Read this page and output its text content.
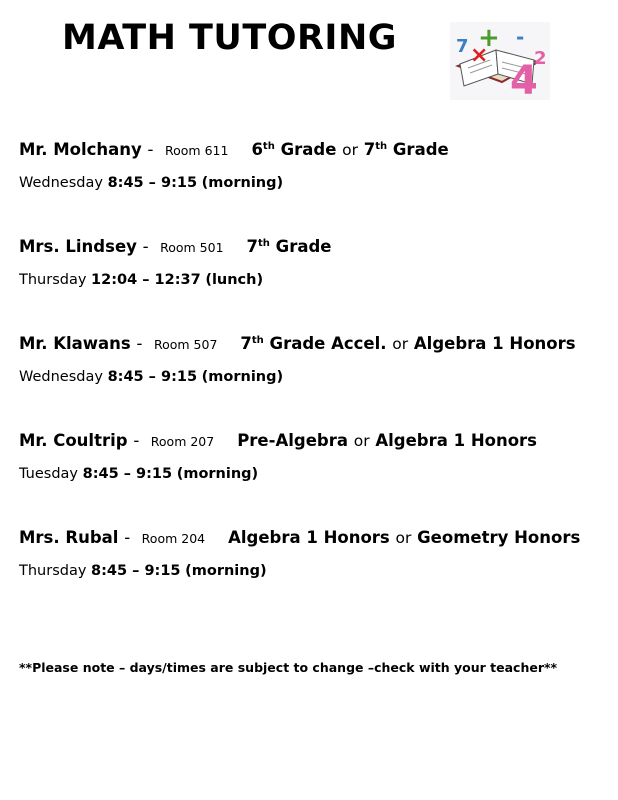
MATH TUTORING	+
7 ×
4
2
-
Mr. Molchany - Room 611 6th Grade or 7th Grade
Wednesday 8:45 – 9:15 (morning)
Mrs. Lindsey - Room 501 7th Grade
Thursday 12:04 – 12:37 (lunch)
Mr. Klawans - Room 507 7th Grade Accel. or Algebra 1 Honors
Wednesday 8:45 – 9:15 (morning)
Mr. Coultrip - Room 207 Pre-Algebra or Algebra 1 Honors
Tuesday 8:45 – 9:15 (morning)
Mrs. Rubal - Room 204 Algebra 1 Honors or Geometry Honors
Thursday 8:45 – 9:15 (morning)
**Please note – days/times are subject to change –check with your teacher**
